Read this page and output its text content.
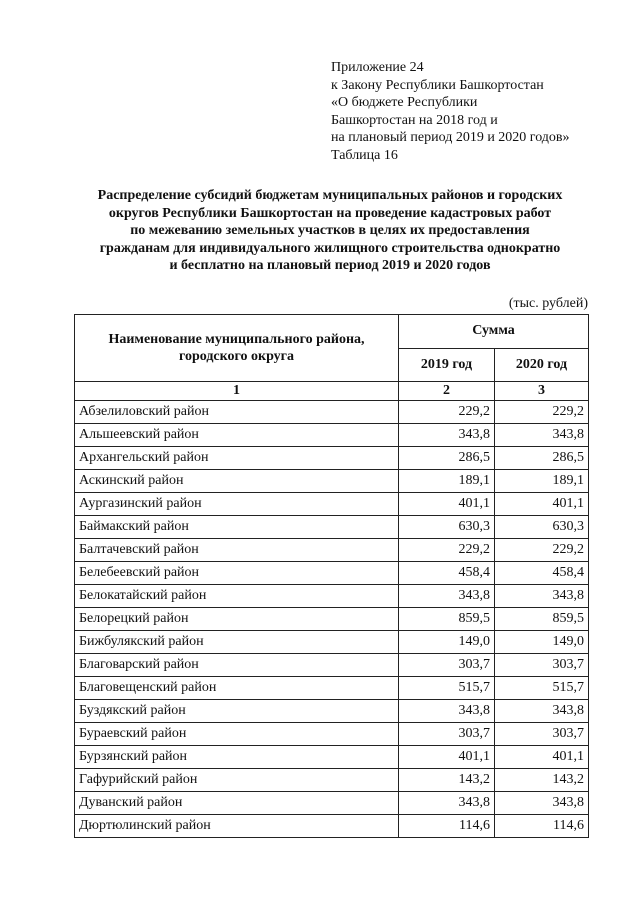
Приложение 24
к Закону Республики Башкортостан
«О бюджете Республики
Башкортостан на 2018 год и
на плановый период 2019 и 2020 годов»
Таблица 16
Распределение субсидий бюджетам муниципальных районов и городских
округов Республики Башкортостан на проведение кадастровых работ
по межеванию земельных участков в целях их предоставления
гражданам для индивидуального жилищного строительства однократно
и бесплатно на плановый период 2019 и 2020 годов
(тыс. рублей)
Наименование муниципального района,
городского округа	Сумма	
	2019 год	2020 год
1	2	3
Абзелиловский район	229,2	229,2
Альшеевский район	343,8	343,8
Архангельский район	286,5	286,5
Аскинский район	189,1	189,1
Аургазинский район	401,1	401,1
Баймакский район	630,3	630,3
Балтачевский район	229,2	229,2
Белебеевский район	458,4	458,4
Белокатайский район	343,8	343,8
Белорецкий район	859,5	859,5
Бижбулякский район	149,0	149,0
Благоварский район	303,7	303,7
Благовещенский район	515,7	515,7
Буздякский район	343,8	343,8
Бураевский район	303,7	303,7
Бурзянский район	401,1	401,1
Гафурийский район	143,2	143,2
Дуванский район	343,8	343,8
Дюртюлинский район	114,6	114,6
